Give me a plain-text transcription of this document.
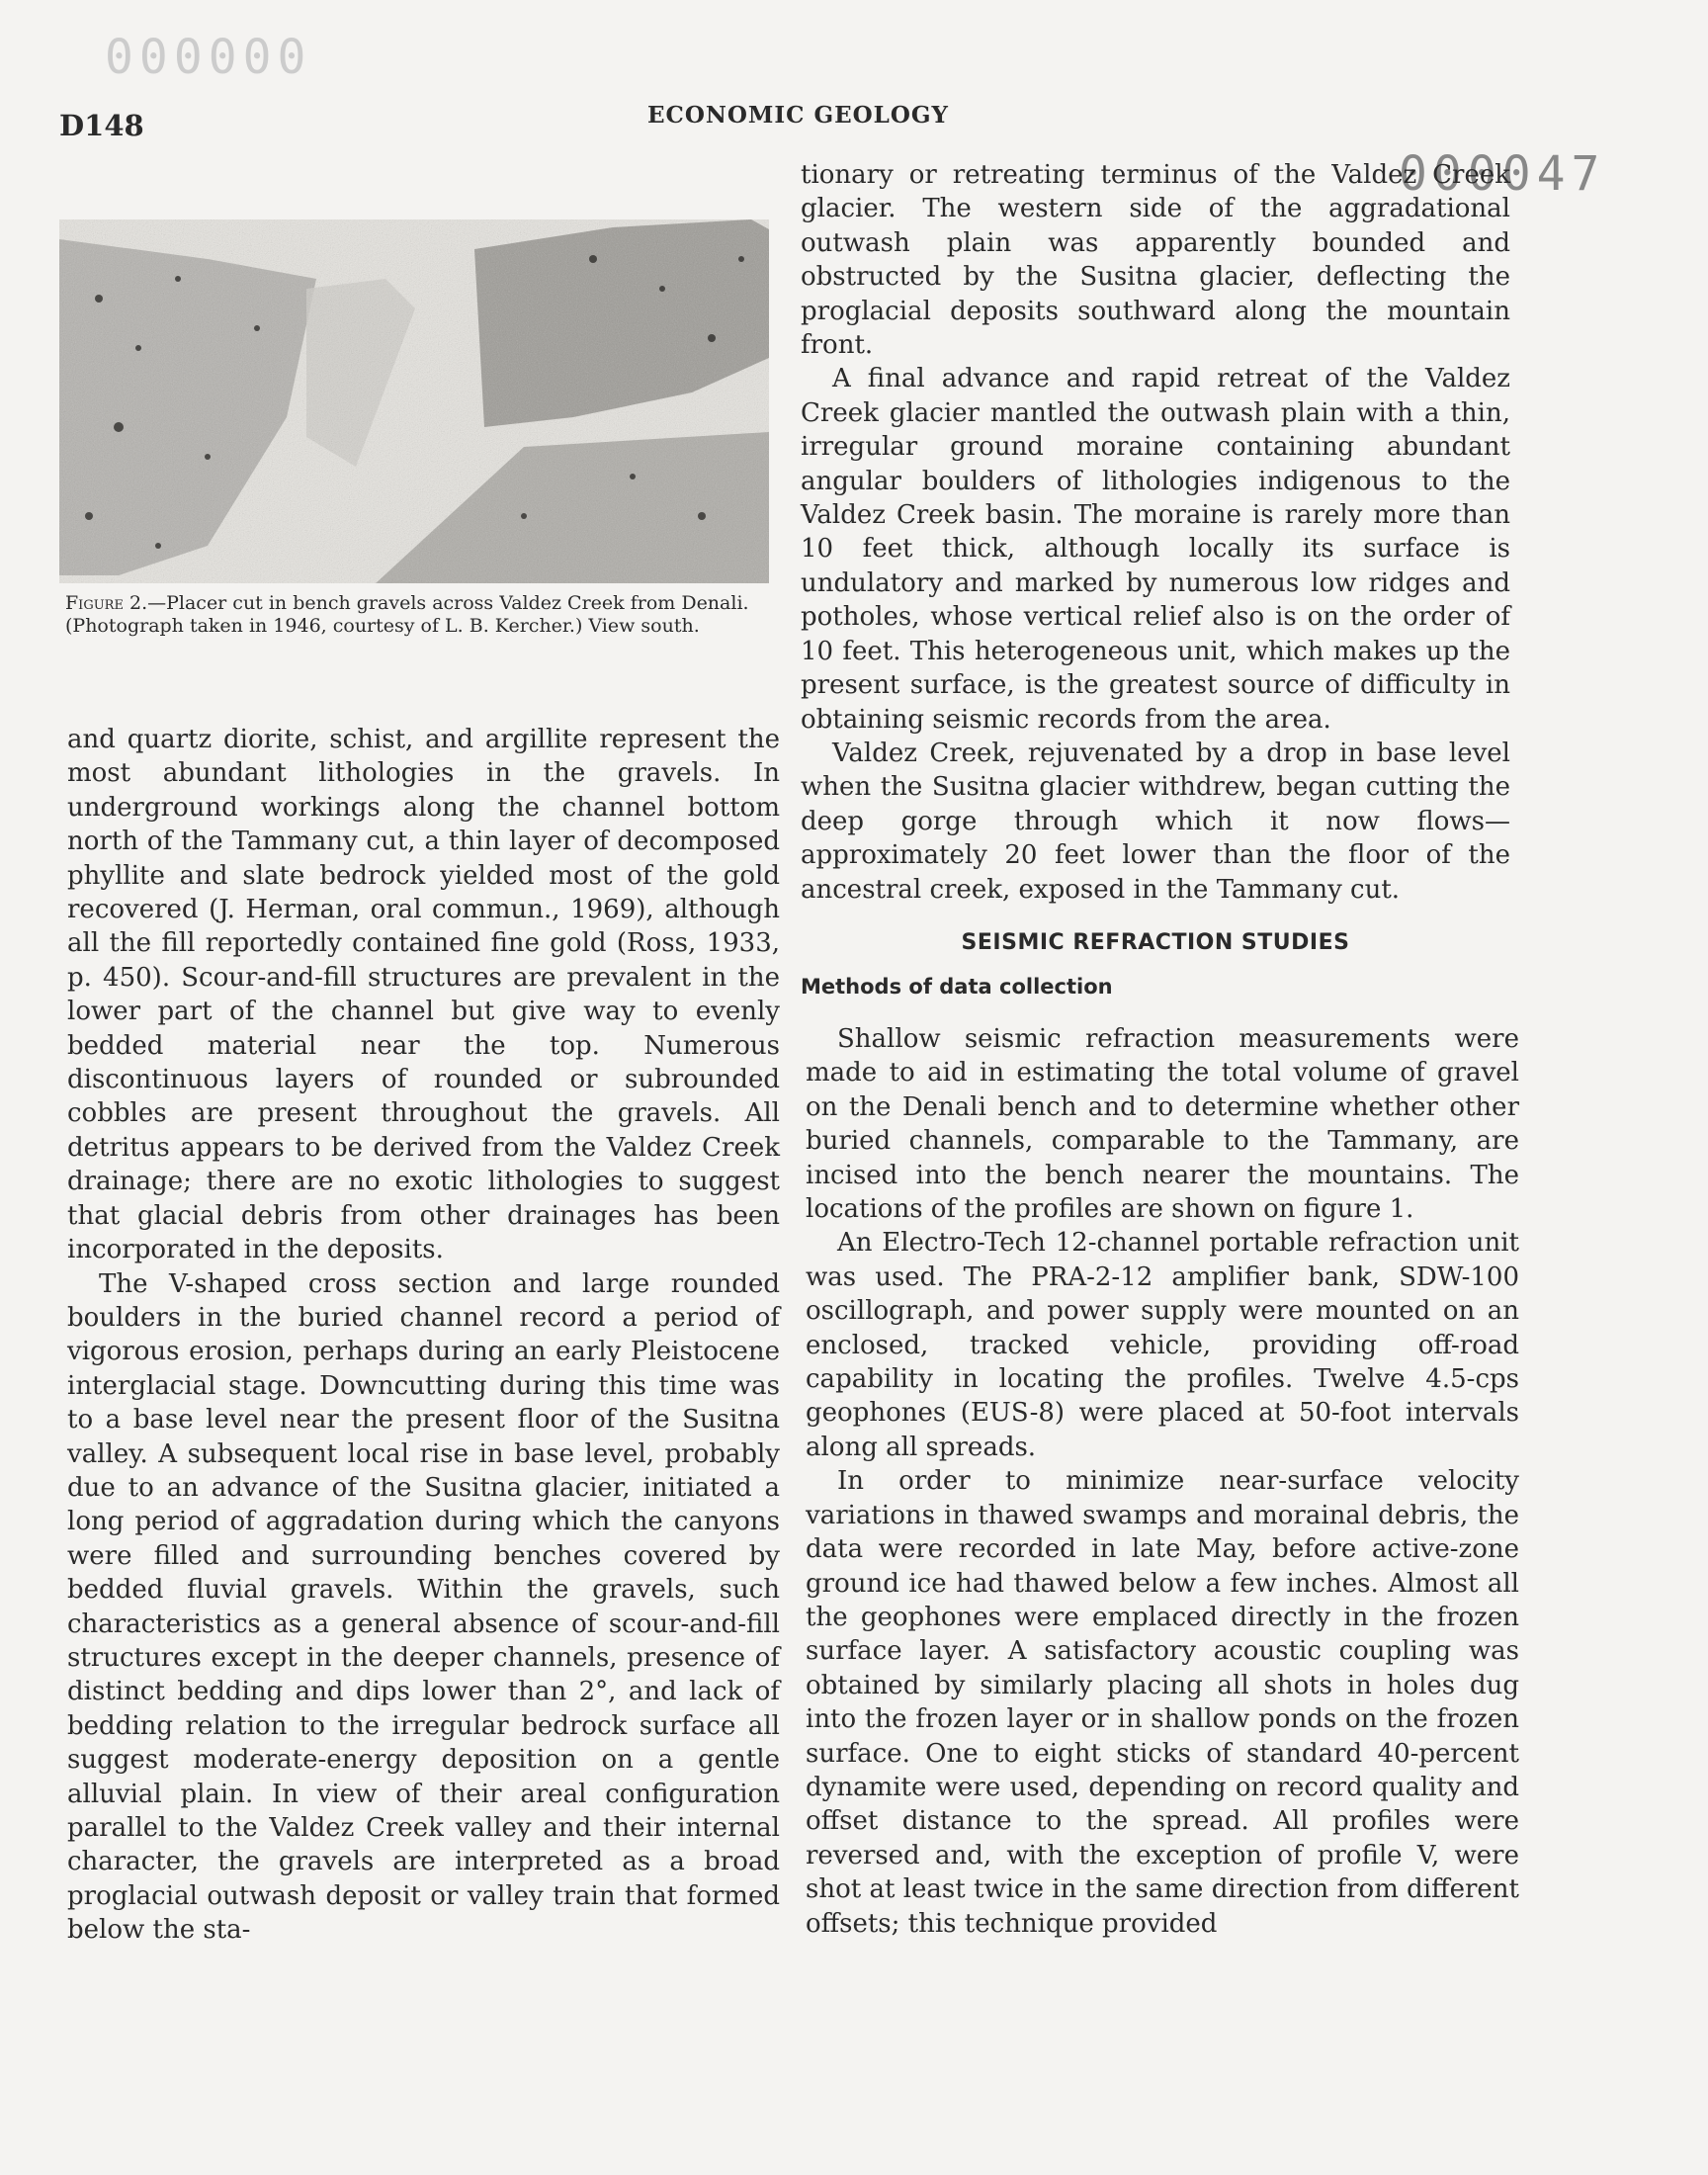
000000
D148	ECONOMIC GEOLOGY
000047
Figure 2.—Placer cut in bench gravels across Valdez Creek from Denali. (Photograph taken in 1946, courtesy of L. B. Kercher.) View south.

and quartz diorite, schist, and argillite represent the most abundant lithologies in the gravels. In underground workings along the channel bottom north of the Tammany cut, a thin layer of decomposed phyllite and slate bedrock yielded most of the gold recovered (J. Herman, oral commun., 1969), although all the fill reportedly contained fine gold (Ross, 1933, p. 450). Scour-and-fill structures are prevalent in the lower part of the channel but give way to evenly bedded material near the top. Numerous discontinuous layers of rounded or subrounded cobbles are present throughout the gravels. All detritus appears to be derived from the Valdez Creek drainage; there are no exotic lithologies to suggest that glacial debris from other drainages has been incorporated in the deposits.

The V-shaped cross section and large rounded boulders in the buried channel record a period of vigorous erosion, perhaps during an early Pleistocene interglacial stage. Downcutting during this time was to a base level near the present floor of the Susitna valley. A subsequent local rise in base level, probably due to an advance of the Susitna glacier, initiated a long period of aggradation during which the canyons were filled and surrounding benches covered by bedded fluvial gravels. Within the gravels, such characteristics as a general absence of scour-and-fill structures except in the deeper channels, presence of distinct bedding and dips lower than 2°, and lack of bedding relation to the irregular bedrock surface all suggest moderate-energy deposition on a gentle alluvial plain. In view of their areal configuration parallel to the Valdez Creek valley and their internal character, the gravels are interpreted as a broad proglacial outwash deposit or valley train that formed below the sta-

tionary or retreating terminus of the Valdez Creek glacier. The western side of the aggradational outwash plain was apparently bounded and obstructed by the Susitna glacier, deflecting the proglacial deposits southward along the mountain front.

A final advance and rapid retreat of the Valdez Creek glacier mantled the outwash plain with a thin, irregular ground moraine containing abundant angular boulders of lithologies indigenous to the Valdez Creek basin. The moraine is rarely more than 10 feet thick, although locally its surface is undulatory and marked by numerous low ridges and potholes, whose vertical relief also is on the order of 10 feet. This heterogeneous unit, which makes up the present surface, is the greatest source of difficulty in obtaining seismic records from the area.

Valdez Creek, rejuvenated by a drop in base level when the Susitna glacier withdrew, began cutting the deep gorge through which it now flows—approximately 20 feet lower than the floor of the ancestral creek, exposed in the Tammany cut.

SEISMIC REFRACTION STUDIES
Methods of data collection

Shallow seismic refraction measurements were made to aid in estimating the total volume of gravel on the Denali bench and to determine whether other buried channels, comparable to the Tammany, are incised into the bench nearer the mountains. The locations of the profiles are shown on figure 1.

An Electro-Tech 12-channel portable refraction unit was used. The PRA-2-12 amplifier bank, SDW-100 oscillograph, and power supply were mounted on an enclosed, tracked vehicle, providing off-road capability in locating the profiles. Twelve 4.5-cps geophones (EUS-8) were placed at 50-foot intervals along all spreads.

In order to minimize near-surface velocity variations in thawed swamps and morainal debris, the data were recorded in late May, before active-zone ground ice had thawed below a few inches. Almost all the geophones were emplaced directly in the frozen surface layer. A satisfactory acoustic coupling was obtained by similarly placing all shots in holes dug into the frozen layer or in shallow ponds on the frozen surface. One to eight sticks of standard 40-percent dynamite were used, depending on record quality and offset distance to the spread. All profiles were reversed and, with the exception of profile V, were shot at least twice in the same direction from different offsets; this technique provided
